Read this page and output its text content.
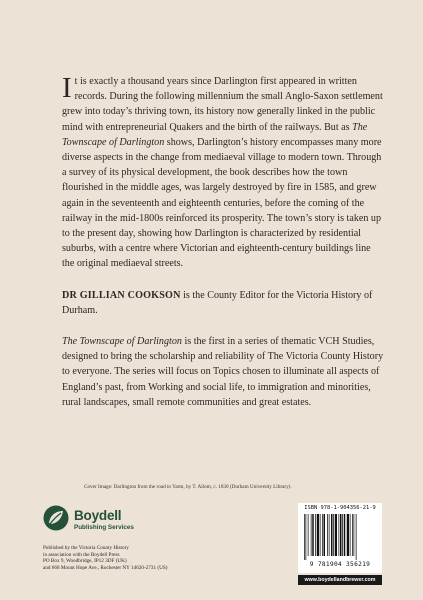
It is exactly a thousand years since Darlington first appeared in written records. During the following millennium the small Anglo-Saxon settlement grew into today’s thriving town, its history now generally linked in the public mind with entrepreneurial Quakers and the birth of the railways. But as The Townscape of Darlington shows, Darlington’s history encompasses many more diverse aspects in the change from mediaeval village to modern town. Through a survey of its physical development, the book describes how the town flourished in the middle ages, was largely destroyed by fire in 1585, and grew again in the seventeenth and eighteenth centuries, before the coming of the railway in the mid-1800s reinforced its prosperity. The town’s story is taken up to the present day, showing how Darlington is characterized by residential suburbs, with a centre where Victorian and eighteenth-century buildings line the original mediaeval streets.

DR GILLIAN COOKSON is the County Editor for the Victoria History of Durham.

The Townscape of Darlington is the first in a series of thematic VCH Studies, designed to bring the scholarship and reliability of The Victoria County History to everyone. The series will focus on Topics chosen to illuminate all aspects of England’s past, from Working and social life, to immigration and minorities, rural landscapes, small remote communities and great estates.

Cover Image: Darlington from the road to Yarm, by T. Allom, c. 1830 (Durham University Library).

Boydell
Publishing Services
Published by the Victoria County History
in association with the Boydell Press
PO Box 9, Woodbridge, IP12 3DF (UK)
and 668 Mount Hope Ave., Rochester NY 14620-2731 (US)
ISBN 978-1-904356-21-9
9 781904 356219
www.boydellandbrewer.com
